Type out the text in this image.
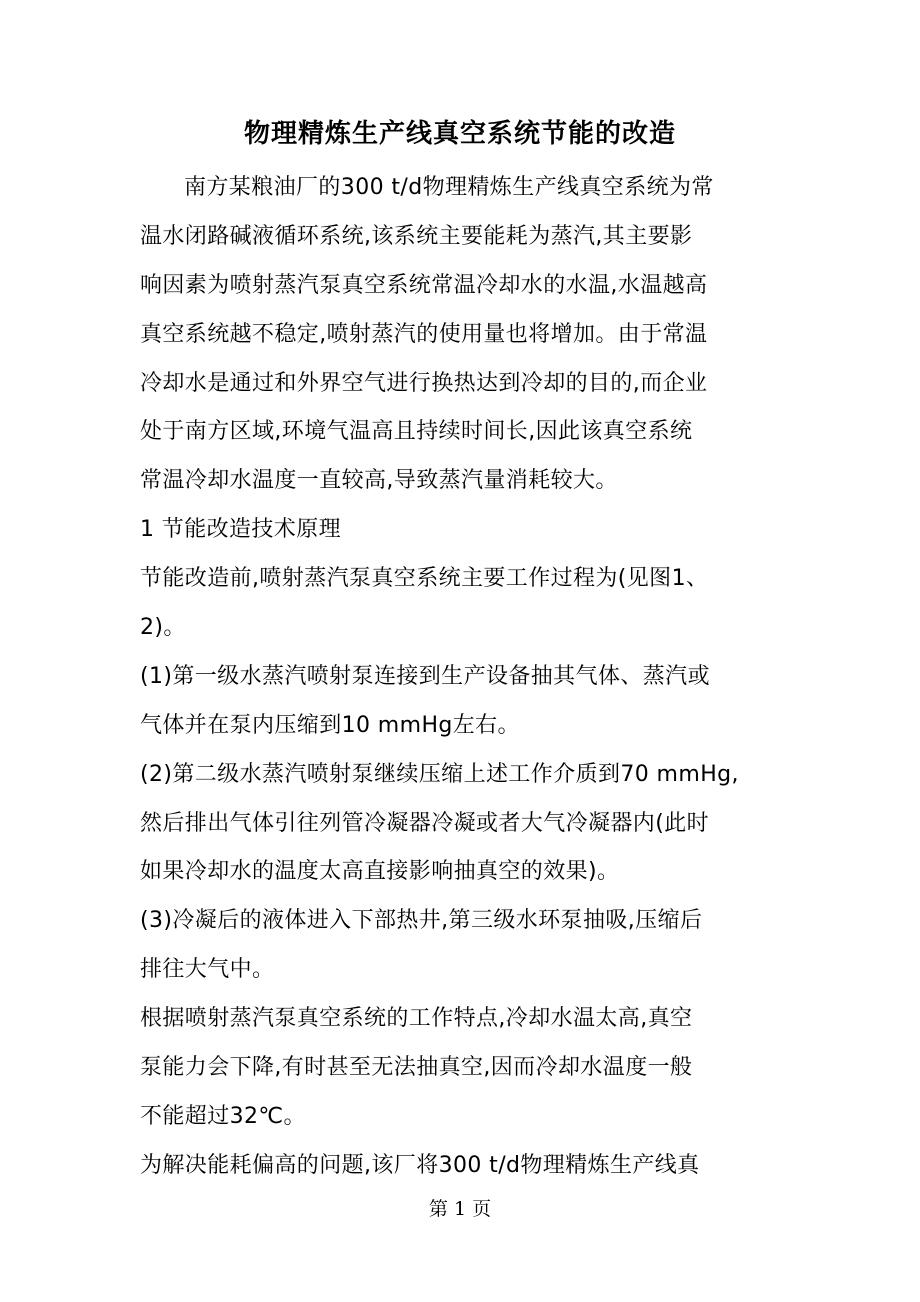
物理精炼生产线真空系统节能的改造
南方某粮油厂的300 t/d物理精炼生产线真空系统为常
温水闭路碱液循环系统,该系统主要能耗为蒸汽,其主要影
响因素为喷射蒸汽泵真空系统常温冷却水的水温,水温越高
真空系统越不稳定,喷射蒸汽的使用量也将增加。由于常温
冷却水是通过和外界空气进行换热达到冷却的目的,而企业
处于南方区域,环境气温高且持续时间长,因此该真空系统
常温冷却水温度一直较高,导致蒸汽量消耗较大。
1 节能改造技术原理
节能改造前,喷射蒸汽泵真空系统主要工作过程为(见图1、
2)。
(1)第一级水蒸汽喷射泵连接到生产设备抽其气体、蒸汽或
气体并在泵内压缩到10 mmHg左右。
(2)第二级水蒸汽喷射泵继续压缩上述工作介质到70 mmHg,
然后排出气体引往列管冷凝器冷凝或者大气冷凝器内(此时
如果冷却水的温度太高直接影响抽真空的效果)。
(3)冷凝后的液体进入下部热井,第三级水环泵抽吸,压缩后
排往大气中。
根据喷射蒸汽泵真空系统的工作特点,冷却水温太高,真空
泵能力会下降,有时甚至无法抽真空,因而冷却水温度一般
不能超过32℃。
为解决能耗偏高的问题,该厂将300 t/d物理精炼生产线真
第 1 页
